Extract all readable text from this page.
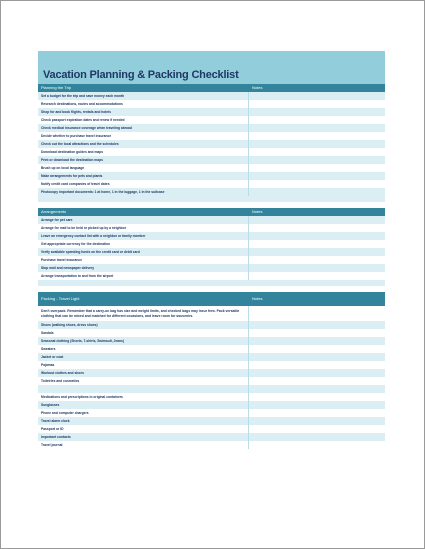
Vacation Planning & Packing Checklist
Planning the Trip	Notes
Set a budget for the trip and save money each month
Research destinations, routes and accommodations
Shop for and book flights, rentals and hotels
Check passport expiration dates and renew if needed
Check medical insurance coverage when traveling abroad
Decide whether to purchase travel insurance
Check out the local attractions and the schedules
Download destination guides and maps
Print or download the destination maps
Brush up on local language
Make arrangements for pets and plants
Notify credit card companies of travel dates
Photocopy important documents: 1 at home, 1 in the luggage, 1 in the suitcase
Arrangements	Notes
Arrange for pet care
Arrange for mail to be held or picked up by a neighbor
Leave an emergency contact list with a neighbor or family member
Get appropriate currency for the destination
Verify available spending funds on the credit card or debit card
Purchase travel insurance
Stop mail and newspaper delivery
Arrange transportation to and from the airport
Packing - Travel Light	Notes
Don't overpack. Remember that a carry-on bag has size and weight limits, and checked bags may incur fees. Pack versatile clothing that can be mixed and matched for different occasions, and leave room for souvenirs.
Shoes (walking shoes, dress shoes)
Sandals
Seasonal clothing (Shorts, T-shirts, Swimsuit, Jeans)
Sweaters
Jacket or coat
Pajamas
Workout clothes and shoes
Toiletries and cosmetics
Medications and prescriptions in original containers
Sunglasses
Phone and computer chargers
Travel alarm clock
Passport or ID
Important contacts
Travel journal
